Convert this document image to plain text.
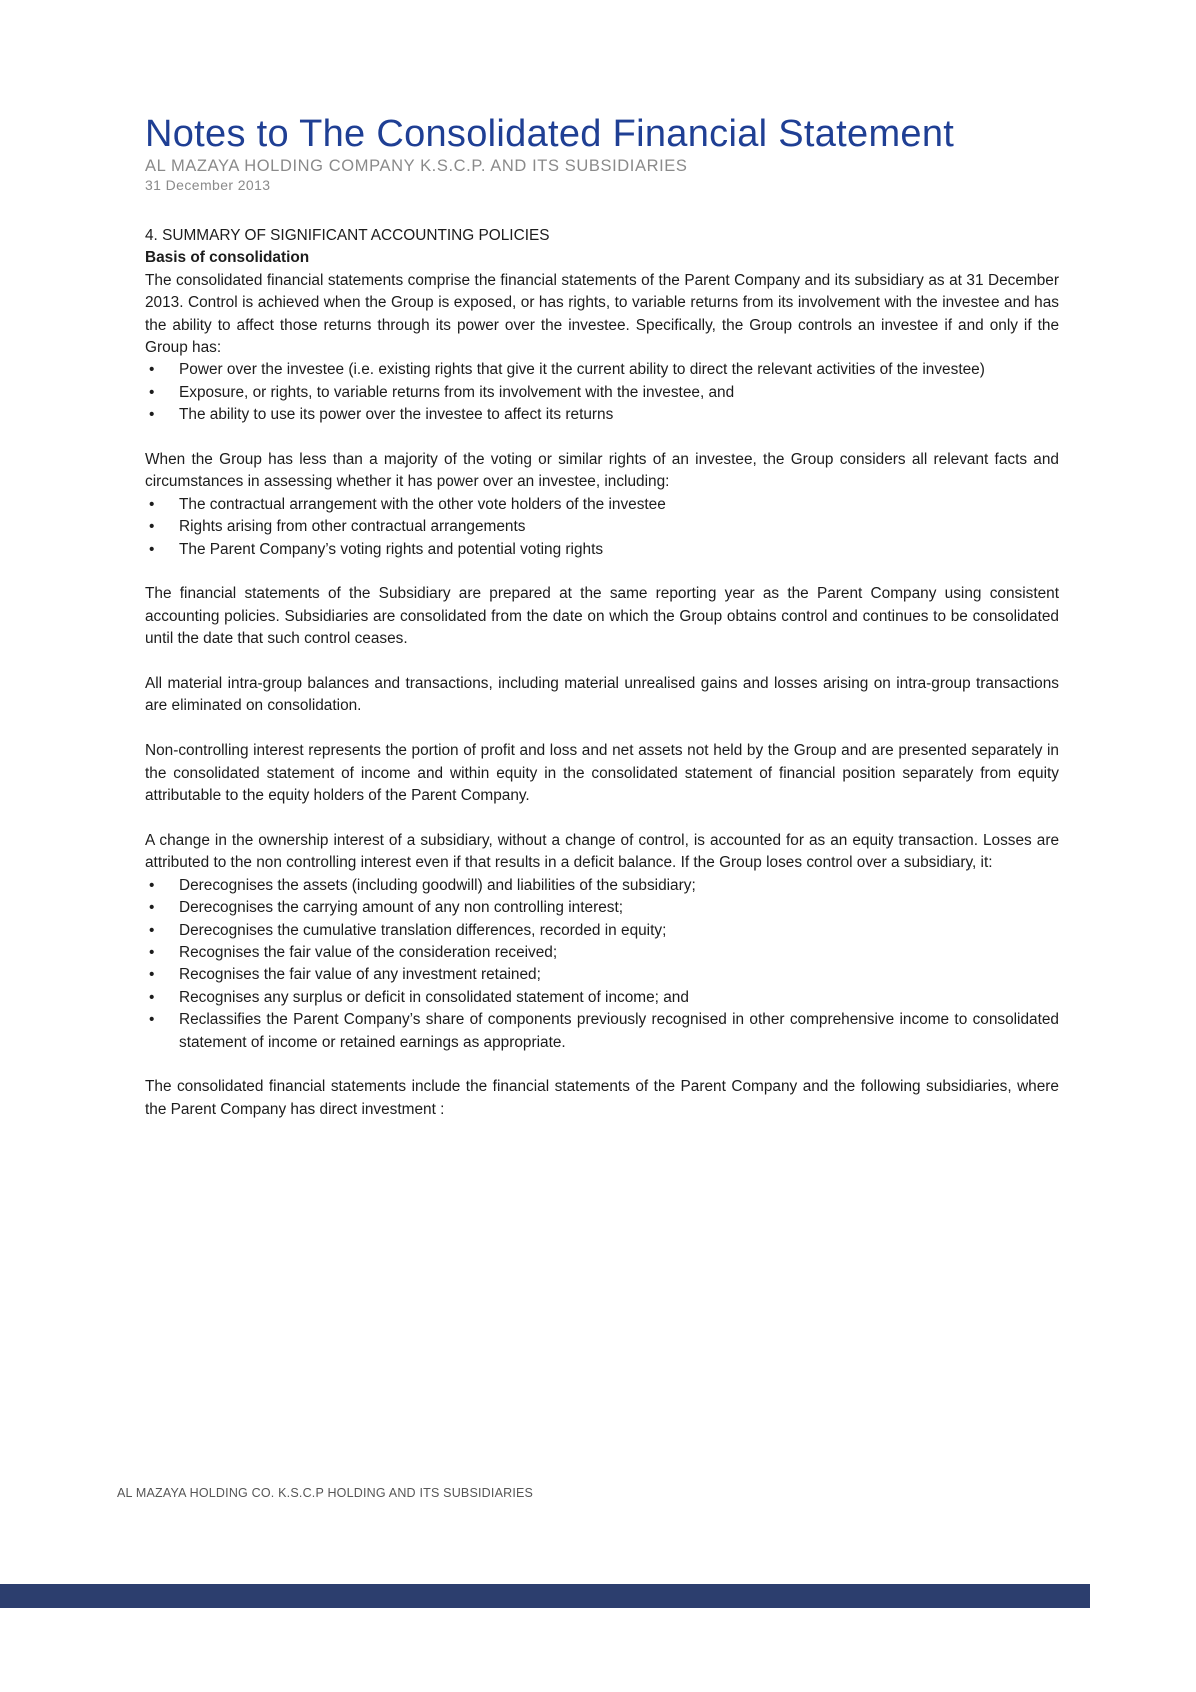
Notes to The Consolidated Financial Statement

AL MAZAYA HOLDING COMPANY K.S.C.P. AND ITS SUBSIDIARIES

31 December 2013

4. SUMMARY OF SIGNIFICANT ACCOUNTING POLICIES

Basis of consolidation

The consolidated financial statements comprise the financial statements of the Parent Company and its subsidiary as at 31 December 2013. Control is achieved when the Group is exposed, or has rights, to variable returns from its involvement with the investee and has the ability to affect those returns through its power over the investee. Specifically, the Group controls an investee if and only if the Group has:

•	Power over the investee (i.e. existing rights that give it the current ability to direct the relevant activities of the investee)
•	Exposure, or rights, to variable returns from its involvement with the investee, and
•	The ability to use its power over the investee to affect its returns

When the Group has less than a majority of the voting or similar rights of an investee, the Group considers all relevant facts and circumstances in assessing whether it has power over an investee, including:

•	The contractual arrangement with the other vote holders of the investee
•	Rights arising from other contractual arrangements
•	The Parent Company’s voting rights and potential voting rights

The financial statements of the Subsidiary are prepared at the same reporting year as the Parent Company using consistent accounting policies. Subsidiaries are consolidated from the date on which the Group obtains control and continues to be consolidated until the date that such control ceases.

All material intra-group balances and transactions, including material unrealised gains and losses arising on intra-group transactions are eliminated on consolidation.

Non-controlling interest represents the portion of profit and loss and net assets not held by the Group and are presented separately in the consolidated statement of income and within equity in the consolidated statement of financial position separately from equity attributable to the equity holders of the Parent Company.

A change in the ownership interest of a subsidiary, without a change of control, is accounted for as an equity transaction. Losses are attributed to the non controlling interest even if that results in a deficit balance. If the Group loses control over a subsidiary, it:

•	Derecognises the assets (including goodwill) and liabilities of the subsidiary;
•	Derecognises the carrying amount of any non controlling interest;
•	Derecognises the cumulative translation differences, recorded in equity;
•	Recognises the fair value of the consideration received;
•	Recognises the fair value of any investment retained;
•	Recognises any surplus or deficit in consolidated statement of income; and
•	Reclassifies the Parent Company’s share of components previously recognised in other comprehensive income to consolidated statement of income or retained earnings as appropriate.

The consolidated financial statements include the financial statements of the Parent Company and the following subsidiaries, where the Parent Company has direct investment :

AL MAZAYA HOLDING CO. K.S.C.P HOLDING AND ITS SUBSIDIARIES
